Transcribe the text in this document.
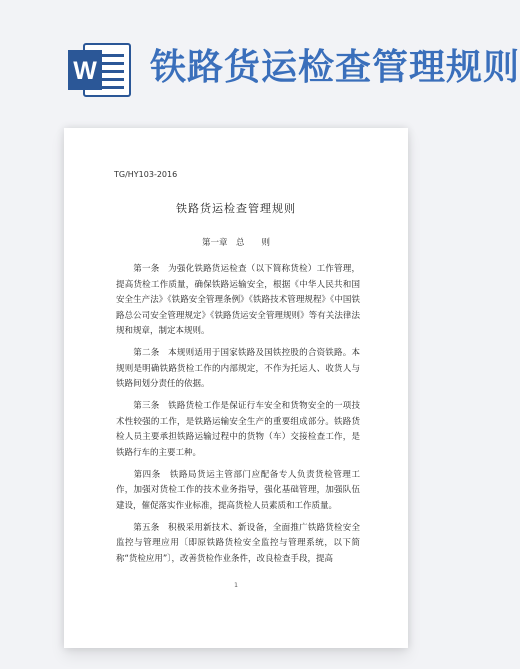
W 铁路货运检查管理规则
TG/HY103-2016
铁路货运检查管理规则
第一章　总　　则

第一条　为强化铁路货运检查（以下简称货检）工作管理，提高货检工作质量，确保铁路运输安全，根据《中华人民共和国安全生产法》《铁路安全管理条例》《铁路技术管理规程》《中国铁路总公司安全管理规定》《铁路货运安全管理规则》等有关法律法规和规章，制定本规则。

第二条　本规则适用于国家铁路及国铁控股的合资铁路。本规则是明确铁路货检工作的内部规定，不作为托运人、收货人与铁路间划分责任的依据。

第三条　铁路货检工作是保证行车安全和货物安全的一项技术性较强的工作，是铁路运输安全生产的重要组成部分。铁路货检人员主要承担铁路运输过程中的货物（车）交接检查工作，是铁路行车的主要工种。

第四条　铁路局货运主管部门应配备专人负责货检管理工作，加强对货检工作的技术业务指导，强化基础管理，加强队伍建设，催促落实作业标准，提高货检人员素质和工作质量。

第五条　积极采用新技术、新设备，全面推广铁路货检安全监控与管理应用〔即原铁路货检安全监控与管理系统，以下简称“货检应用”〕，改善货检作业条件，改良检查手段，提高

1
